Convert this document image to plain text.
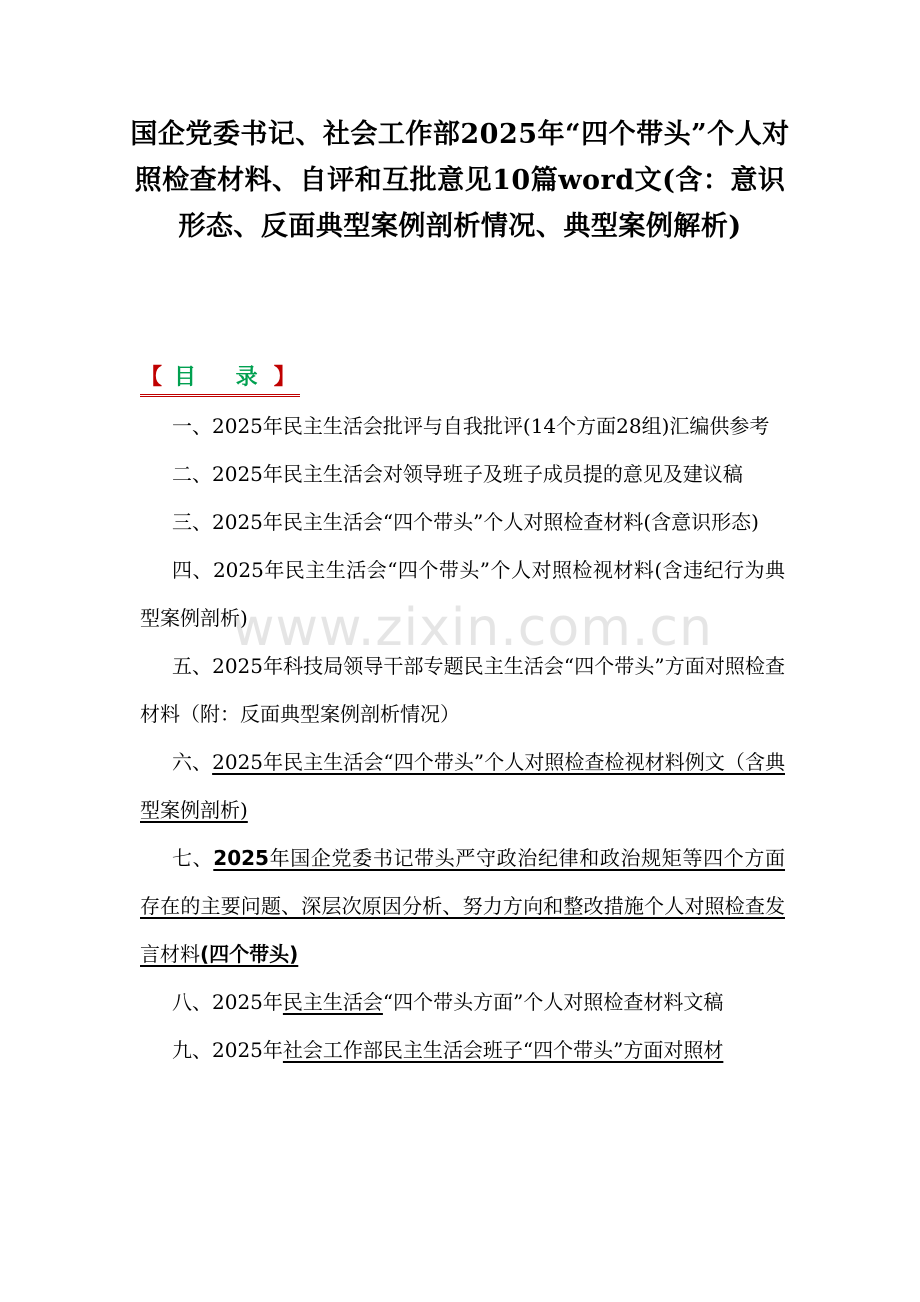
国企党委书记、社会工作部2025年“四个带头”个人对照检查材料、自评和互批意见10篇word文(含：意识形态、反面典型案例剖析情况、典型案例解析)
【 目 录】

一、2025年民主生活会批评与自我批评(14个方面28组)汇编供参考

二、2025年民主生活会对领导班子及班子成员提的意见及建议稿

三、2025年民主生活会“四个带头”个人对照检查材料(含意识形态)

四、2025年民主生活会“四个带头”个人对照检视材料(含违纪行为典型案例剖析)

五、2025年科技局领导干部专题民主生活会“四个带头”方面对照检查材料（附：反面典型案例剖析情况）

六、2025年民主生活会“四个带头”个人对照检查检视材料例文（含典型案例剖析)

七、2025年国企党委书记带头严守政治纪律和政治规矩等四个方面存在的主要问题、深层次原因分析、努力方向和整改措施个人对照检查发言材料(四个带头)

八、2025年民主生活会“四个带头方面”个人对照检查材料文稿

九、2025年社会工作部民主生活会班子“四个带头”方面对照材

www.zixin.com.cn
